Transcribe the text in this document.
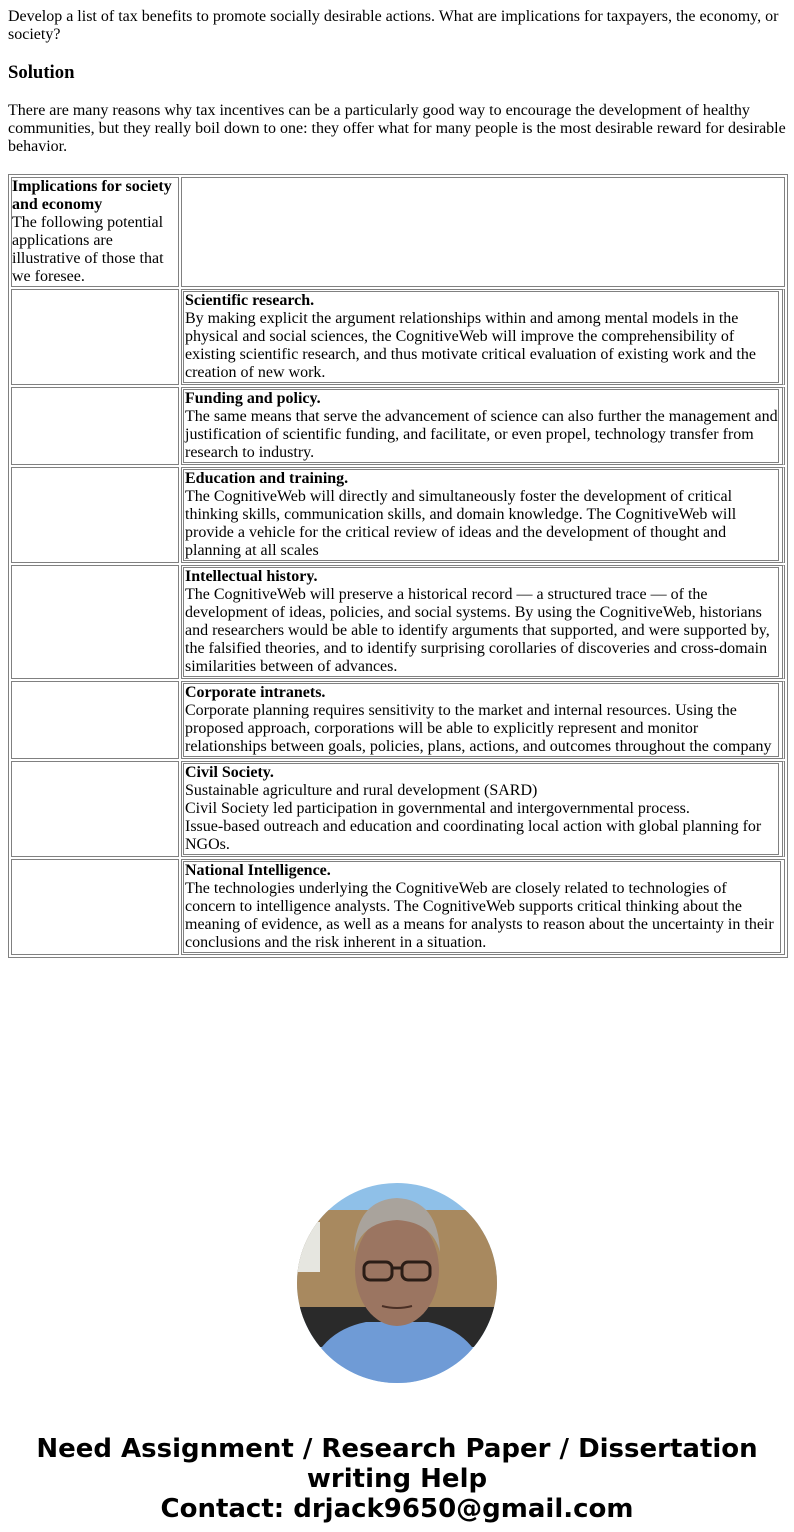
Develop a list of tax benefits to promote socially desirable actions. What are implications for taxpayers, the economy, or society?

Solution

There are many reasons why tax incentives can be a particularly good way to encourage the development of healthy communities, but they really boil down to one: they offer what for many people is the most desirable reward for desirable behavior.

Implications for society and economy
The following potential applications are illustrative of those that we foresee.	

	Scientific research.
By making explicit the argument relationships within and among mental models in the physical and social sciences, the CognitiveWeb will improve the comprehensibility of existing scientific research, and thus motivate critical evaluation of existing work and the creation of new work.

	Funding and policy.
The same means that serve the advancement of science can also further the management and justification of scientific funding, and facilitate, or even propel, technology transfer from research to industry.

	Education and training.
The CognitiveWeb will directly and simultaneously foster the development of critical thinking skills, communication skills, and domain knowledge. The CognitiveWeb will provide a vehicle for the critical review of ideas and the development of thought and planning at all scales

	Intellectual history.
The CognitiveWeb will preserve a historical record — a structured trace — of the development of ideas, policies, and social systems. By using the CognitiveWeb, historians and researchers would be able to identify arguments that supported, and were supported by, the falsified theories, and to identify surprising corollaries of discoveries and cross-domain similarities between of advances.

	Corporate intranets.
Corporate planning requires sensitivity to the market and internal resources. Using the proposed approach, corporations will be able to explicitly represent and monitor relationships between goals, policies, plans, actions, and outcomes throughout the company

	Civil Society.
Sustainable agriculture and rural development (SARD)
Civil Society led participation in governmental and intergovernmental process.
Issue-based outreach and education and coordinating local action with global planning for NGOs.

	National Intelligence.
The technologies underlying the CognitiveWeb are closely related to technologies of concern to intelligence analysts. The CognitiveWeb supports critical thinking about the meaning of evidence, as well as a means for analysts to reason about the uncertainty in their conclusions and the risk inherent in a situation.
Need Assignment / Research Paper / Dissertation writing Help
Contact: drjack9650@gmail.com
